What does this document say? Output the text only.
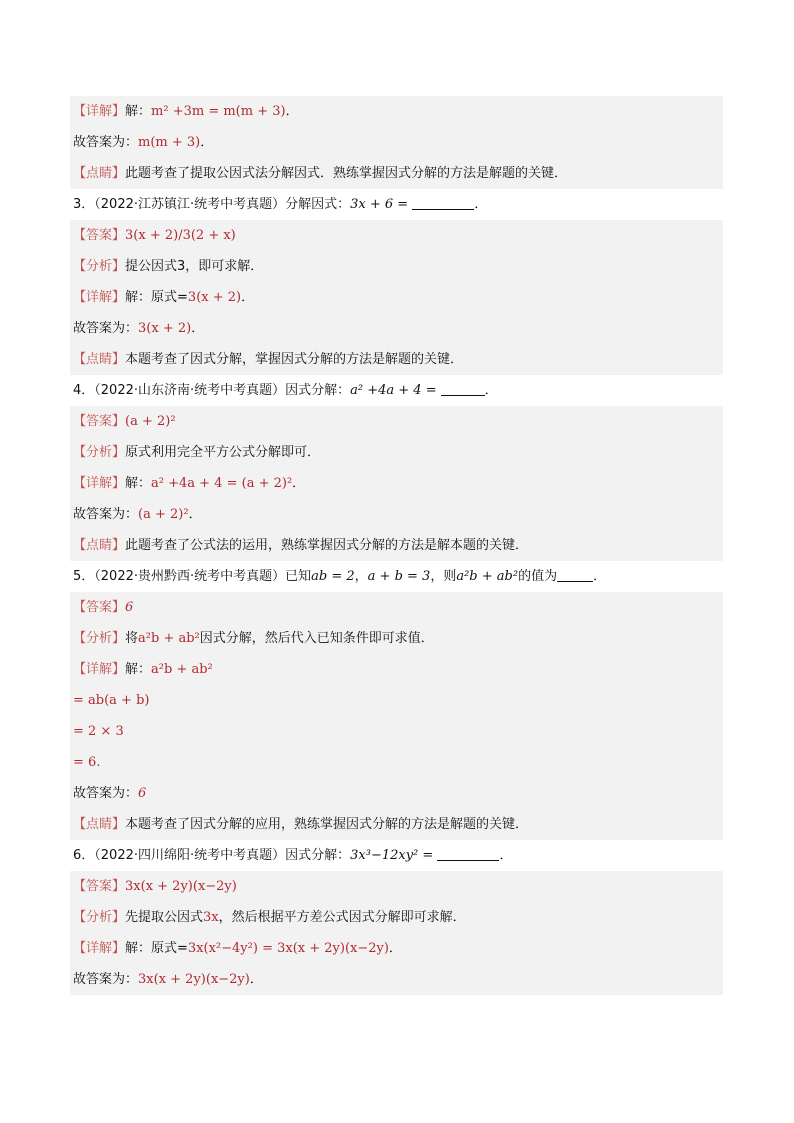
【详解】解：m² +3m = m(m + 3)．
故答案为：m(m + 3)．
【点睛】此题考查了提取公因式法分解因式．熟练掌握因式分解的方法是解题的关键．
3．（2022·江苏镇江·统考中考真题）分解因式：3x + 6 =	．
【答案】3(x + 2)/3(2 + x)
【分析】提公因式3，即可求解．
【详解】解：原式=3(x + 2)．
故答案为：3(x + 2)．
【点睛】本题考查了因式分解，掌握因式分解的方法是解题的关键．
4．（2022·山东济南·统考中考真题）因式分解：a² +4a + 4 =	．
【答案】(a + 2)²
【分析】原式利用完全平方公式分解即可．
【详解】解：a² +4a + 4 = (a + 2)²．
故答案为：(a + 2)²．
【点睛】此题考查了公式法的运用，熟练掌握因式分解的方法是解本题的关键．
5．（2022·贵州黔西·统考中考真题）已知ab = 2，a + b = 3，则a²b + ab²的值为	．
【答案】6
【分析】将a²b + ab²因式分解，然后代入已知条件即可求值．
【详解】解：a²b + ab²
= ab(a + b)
= 2 × 3
= 6.
故答案为：6
【点睛】本题考查了因式分解的应用，熟练掌握因式分解的方法是解题的关键．
6．（2022·四川绵阳·统考中考真题）因式分解：3x³−12xy² =	．
【答案】3x(x + 2y)(x−2y)
【分析】先提取公因式3x，然后根据平方差公式因式分解即可求解．
【详解】解：原式=3x(x²−4y²) = 3x(x + 2y)(x−2y)．
故答案为：3x(x + 2y)(x−2y)．
